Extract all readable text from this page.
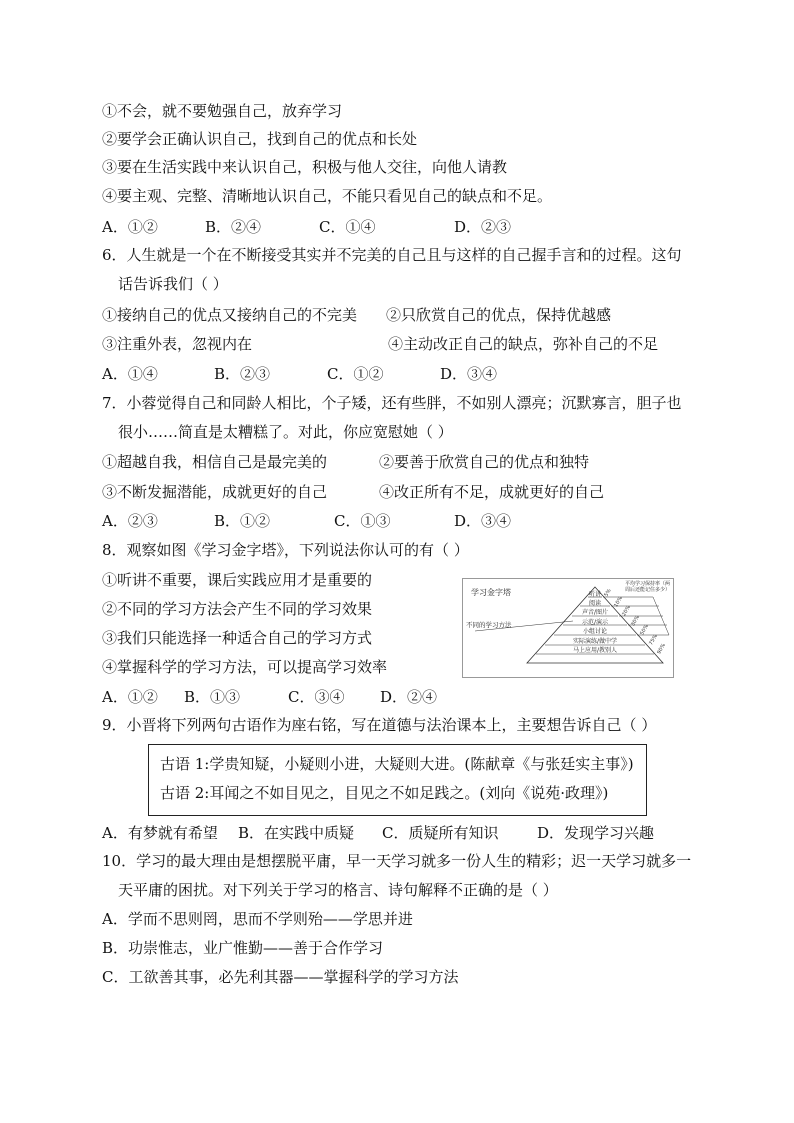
①不会，就不要勉强自己，放弃学习
②要学会正确认识自己，找到自己的优点和长处
③要在生活实践中来认识自己，积极与他人交往，向他人请教
④要主观、完整、清晰地认识自己，不能只看见自己的缺点和不足。
A．①②	B．②④	C．①④	D．②③
6．人生就是一个在不断接受其实并不完美的自己且与这样的自己握手言和的过程。这句
话告诉我们（ ）
①接纳自己的优点又接纳自己的不完美 ②只欣赏自己的优点，保持优越感
③注重外表，忽视内在	④主动改正自己的缺点，弥补自己的不足
A．①④	B．②③	C．①②	D．③④
7．小蓉觉得自己和同龄人相比，个子矮，还有些胖，不如别人漂亮；沉默寡言，胆子也
很小……简直是太糟糕了。对此，你应宽慰她（ ）
①超越自我，相信自己是最完美的	②要善于欣赏自己的优点和独特
③不断发掘潜能，成就更好的自己	④改正所有不足，成就更好的自己
A．②③	B．①②	C．①③	D．③④
8．观察如图《学习金字塔》，下列说法你认可的有（ ）
①听讲不重要，课后实践应用才是重要的
②不同的学习方法会产生不同的学习效果
③我们只能选择一种适合自己的学习方式
④掌握科学的学习方法，可以提高学习效率
A．①② B．①③	C．③④ D．②④
学习金字塔
不同的学习方法
平均学习保持率（两周后还能记住多少）
听讲
阅读
声音/图片
示范/演示
小组讨论
实际演练/做中学
马上应用/教别人
5%
10%
20%
30%
50%
75%
90%
9．小晋将下列两句古语作为座右铭，写在道德与法治课本上，主要想告诉自己（ ）
古语 1:学贵知疑，小疑则小进，大疑则大进。(陈献章《与张廷实主事》)
古语 2:耳闻之不如目见之，目见之不如足践之。(刘向《说苑·政理》)
A．有梦就有希望 B．在实践中质疑 C．质疑所有知识	D．发现学习兴趣
10．学习的最大理由是想摆脱平庸，早一天学习就多一份人生的精彩；迟一天学习就多一
天平庸的困扰。对下列关于学习的格言、诗句解释不正确的是（ ）
A．学而不思则罔，思而不学则殆——学思并进
B．功崇惟志，业广惟勤——善于合作学习
C．工欲善其事，必先利其器——掌握科学的学习方法
